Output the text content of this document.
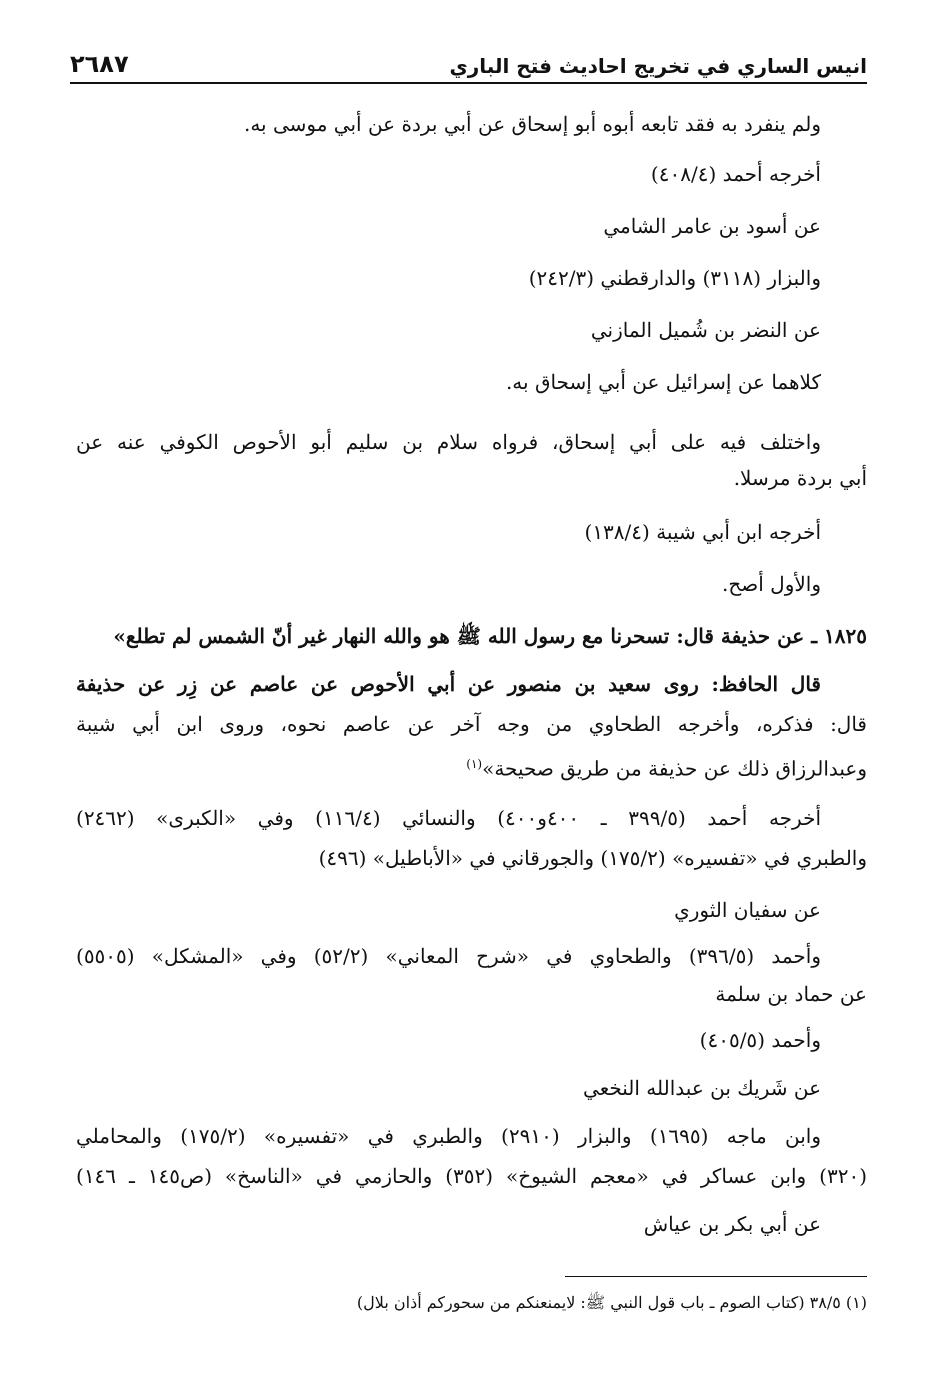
انيس الساري في تخريج احاديث فتح الباري
٢٦٨٧
ولم ينفرد به فقد تابعه أبوه أبو إسحاق عن أبي بردة عن أبي موسى به.
أخرجه أحمد (٤٠٨/٤)
عن أسود بن عامر الشامي
والبزار (٣١١٨) والدارقطني (٢٤٢/٣)
عن النضر بن شُميل المازني
كلاهما عن إسرائيل عن أبي إسحاق به.
واختلف فيه على أبي إسحاق، فرواه سلام بن سليم أبو الأحوص الكوفي عنه عن
أبي بردة مرسلا.
أخرجه ابن أبي شيبة (١٣٨/٤)
والأول أصح.
١٨٢٥ ـ عن حذيفة قال: تسحرنا مع رسول الله ﷺ هو والله النهار غير أنّ الشمس لم تطلع»
قال الحافظ: روى سعيد بن منصور عن أبي الأحوص عن عاصم عن زِر عن حذيفة
قال: فذكره، وأخرجه الطحاوي من وجه آخر عن عاصم نحوه، وروى ابن أبي شيبة
وعبدالرزاق ذلك عن حذيفة من طريق صحيحة»$^{(١)}$
أخرجه أحمد (٣٩٩/٥ ـ ٤٠٠و٤٠٠) والنسائي (١١٦/٤) وفي «الكبرى» (٢٤٦٢)
والطبري في «تفسيره» (١٧٥/٢) والجورقاني في «الأباطيل» (٤٩٦)
عن سفيان الثوري
وأحمد (٣٩٦/٥) والطحاوي في «شرح المعاني» (٥٢/٢) وفي «المشكل» (٥٥٠٥)
عن حماد بن سلمة
وأحمد (٤٠٥/٥)
عن شَريك بن عبدالله النخعي
وابن ماجه (١٦٩٥) والبزار (٢٩١٠) والطبري في «تفسيره» (١٧٥/٢) والمحاملي
(٣٢٠) وابن عساكر في «معجم الشيوخ» (٣٥٢) والحازمي في «الناسخ» (ص١٤٥ ـ ١٤٦)
عن أبي بكر بن عياش
(١) ٣٨/٥ (كتاب الصوم ـ باب قول النبي ﷺ: لايمنعنكم من سحوركم أذان بلال)
